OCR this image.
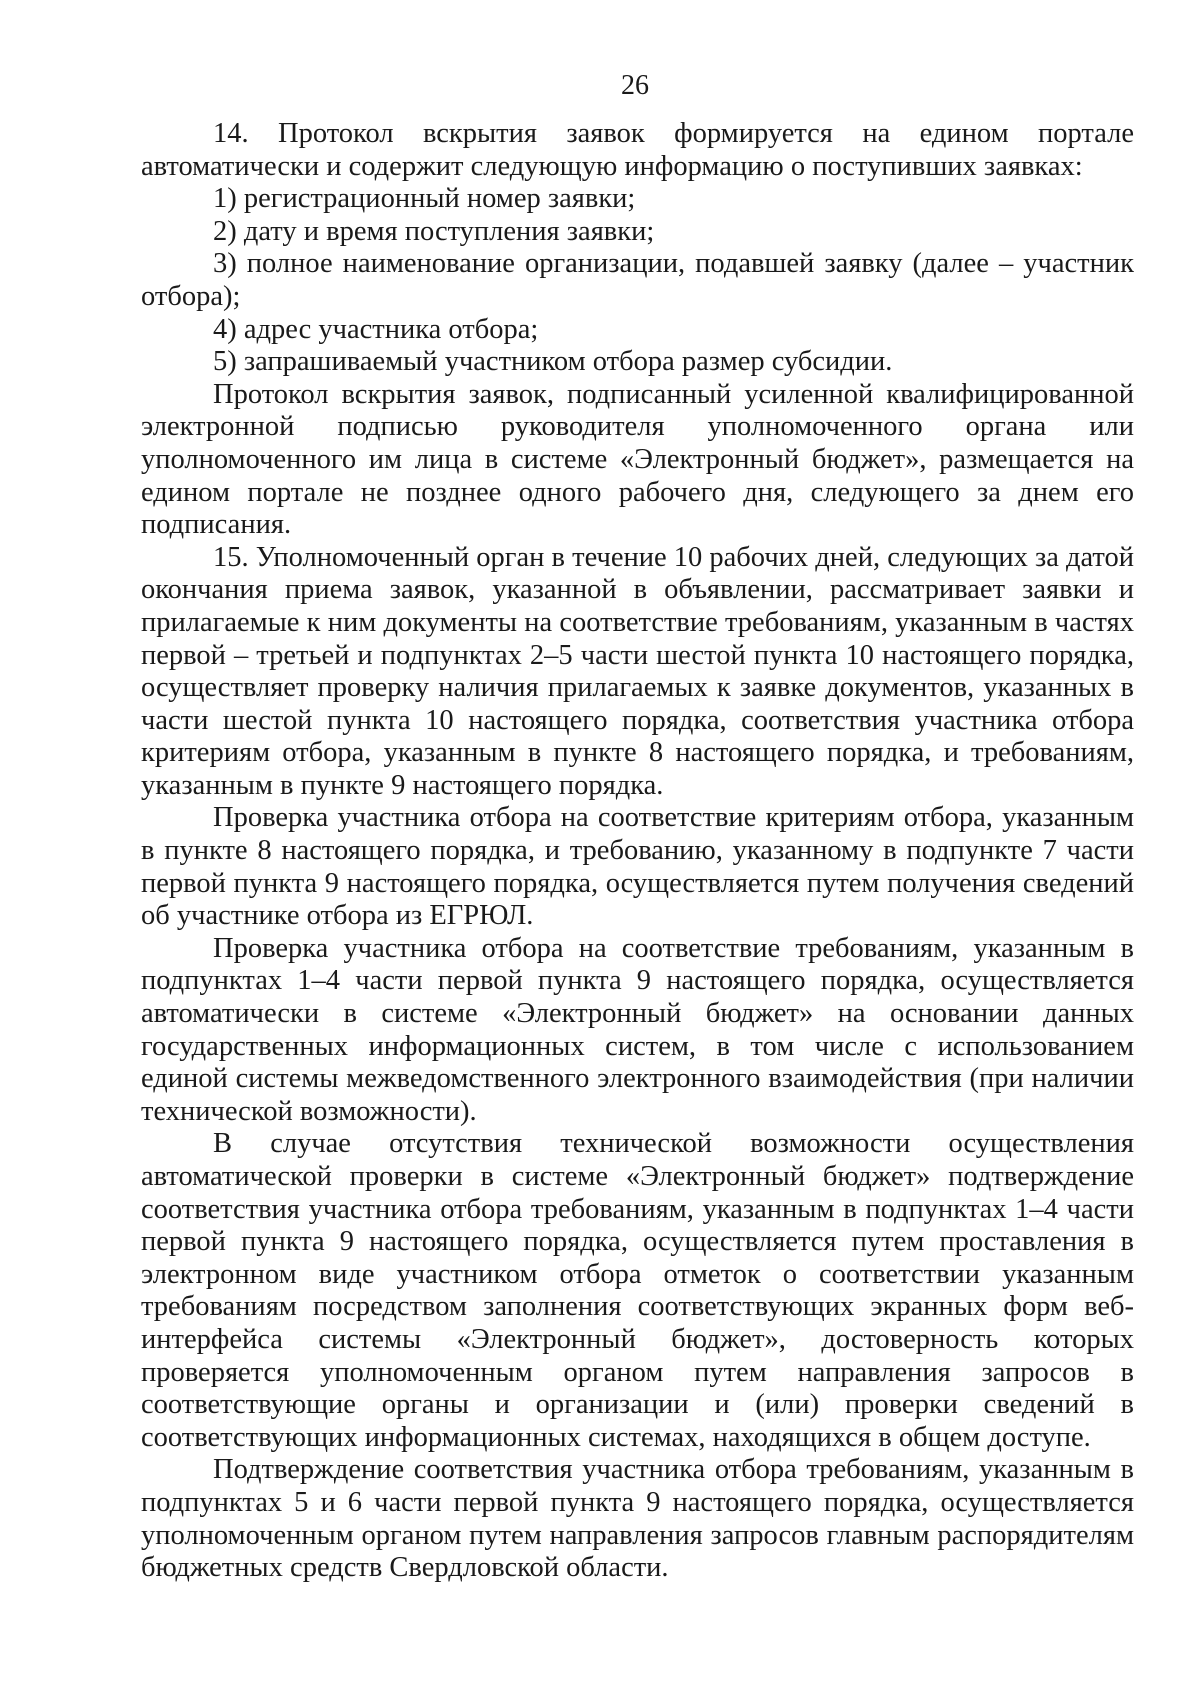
26

14. Протокол вскрытия заявок формируется на едином портале автоматически и содержит следующую информацию о поступивших заявках:

1) регистрационный номер заявки;

2) дату и время поступления заявки;

3) полное наименование организации, подавшей заявку (далее – участник отбора);

4) адрес участника отбора;

5) запрашиваемый участником отбора размер субсидии.

Протокол вскрытия заявок, подписанный усиленной квалифицированной электронной подписью руководителя уполномоченного органа или уполномоченного им лица в системе «Электронный бюджет», размещается на едином портале не позднее одного рабочего дня, следующего за днем его подписания.

15. Уполномоченный орган в течение 10 рабочих дней, следующих за датой окончания приема заявок, указанной в объявлении, рассматривает заявки и прилагаемые к ним документы на соответствие требованиям, указанным в частях первой – третьей и подпунктах 2–5 части шестой пункта 10 настоящего порядка, осуществляет проверку наличия прилагаемых к заявке документов, указанных в части шестой пункта 10 настоящего порядка, соответствия участника отбора критериям отбора, указанным в пункте 8 настоящего порядка, и требованиям, указанным в пункте 9 настоящего порядка.

Проверка участника отбора на соответствие критериям отбора, указанным в пункте 8 настоящего порядка, и требованию, указанному в подпункте 7 части первой пункта 9 настоящего порядка, осуществляется путем получения сведений об участнике отбора из ЕГРЮЛ.

Проверка участника отбора на соответствие требованиям, указанным в подпунктах 1–4 части первой пункта 9 настоящего порядка, осуществляется автоматически в системе «Электронный бюджет» на основании данных государственных информационных систем, в том числе с использованием единой системы межведомственного электронного взаимодействия (при наличии технической возможности).

В случае отсутствия технической возможности осуществления автоматической проверки в системе «Электронный бюджет» подтверждение соответствия участника отбора требованиям, указанным в подпунктах 1–4 части первой пункта 9 настоящего порядка, осуществляется путем проставления в электронном виде участником отбора отметок о соответствии указанным требованиям посредством заполнения соответствующих экранных форм веб-интерфейса системы «Электронный бюджет», достоверность которых проверяется уполномоченным органом путем направления запросов в соответствующие органы и организации и (или) проверки сведений в соответствующих информационных системах, находящихся в общем доступе.

Подтверждение соответствия участника отбора требованиям, указанным в подпунктах 5 и 6 части первой пункта 9 настоящего порядка, осуществляется уполномоченным органом путем направления запросов главным распорядителям бюджетных средств Свердловской области.
